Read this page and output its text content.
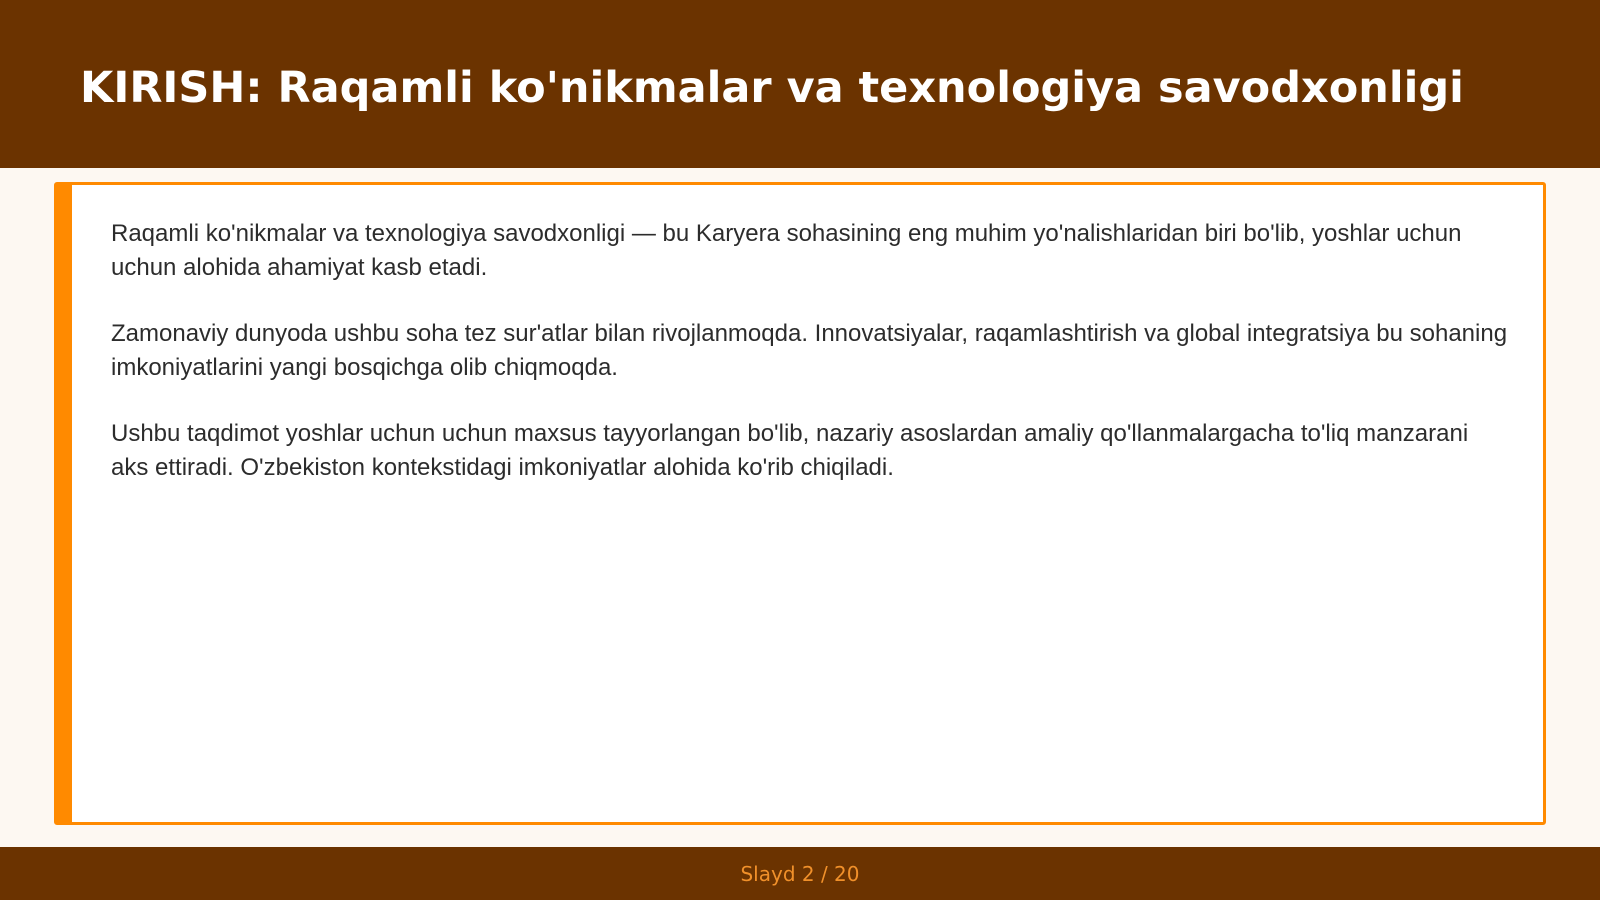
KIRISH: Raqamli ko'nikmalar va texnologiya savodxonligi

Raqamli ko'nikmalar va texnologiya savodxonligi — bu Karyera sohasining eng muhim yo'nalishlaridan biri bo'lib, yoshlar uchun uchun alohida ahamiyat kasb etadi.

Zamonaviy dunyoda ushbu soha tez sur'atlar bilan rivojlanmoqda. Innovatsiyalar, raqamlashtirish va global integratsiya bu sohaning imkoniyatlarini yangi bosqichga olib chiqmoqda.

Ushbu taqdimot yoshlar uchun uchun maxsus tayyorlangan bo'lib, nazariy asoslardan amaliy qo'llanmalargacha to'liq manzarani aks ettiradi. O'zbekiston kontekstidagi imkoniyatlar alohida ko'rib chiqiladi.

Slayd 2 / 20
